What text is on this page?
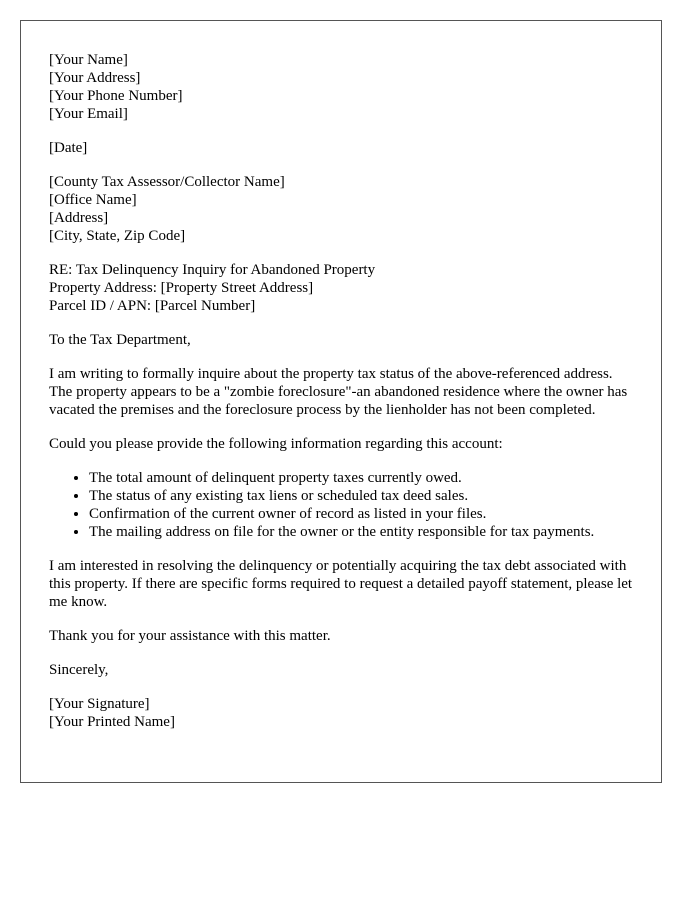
[Your Name]
[Your Address]
[Your Phone Number]
[Your Email]
[Date]
[County Tax Assessor/Collector Name]
[Office Name]
[Address]
[City, State, Zip Code]
RE: Tax Delinquency Inquiry for Abandoned Property
Property Address: [Property Street Address]
Parcel ID / APN: [Parcel Number]

To the Tax Department,

I am writing to formally inquire about the property tax status of the above-referenced address. The property appears to be a "zombie foreclosure"-an abandoned residence where the owner has vacated the premises and the foreclosure process by the lienholder has not been completed.

Could you please provide the following information regarding this account:

• The total amount of delinquent property taxes currently owed.
• The status of any existing tax liens or scheduled tax deed sales.
• Confirmation of the current owner of record as listed in your files.
• The mailing address on file for the owner or the entity responsible for tax payments.

I am interested in resolving the delinquency or potentially acquiring the tax debt associated with this property. If there are specific forms required to request a detailed payoff statement, please let me know.

Thank you for your assistance with this matter.

Sincerely,

[Your Signature]
[Your Printed Name]
